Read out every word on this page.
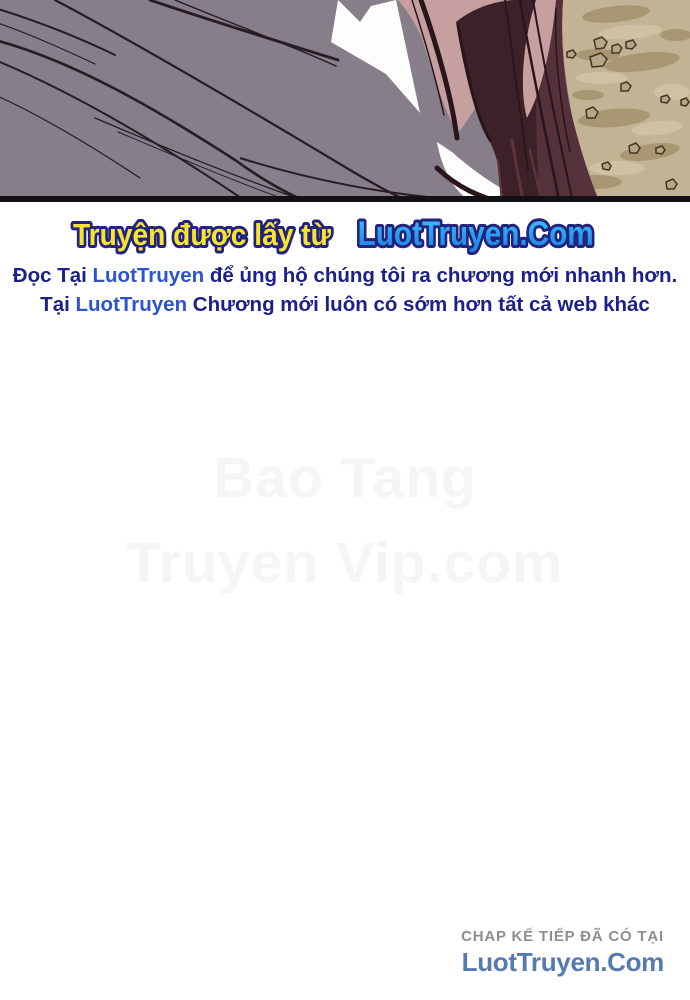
Truyện được lấy từ LuotTruyen.Com
Đọc Tại LuotTruyen để ủng hộ chúng tôi ra chương mới nhanh hơn.
Tại LuotTruyen Chương mới luôn có sớm hơn tất cả web khác
Bao Tang
Truyen Vip.com
CHAP KẾ TIẾP ĐÃ CÓ TẠI
LuotTruyen.Com
